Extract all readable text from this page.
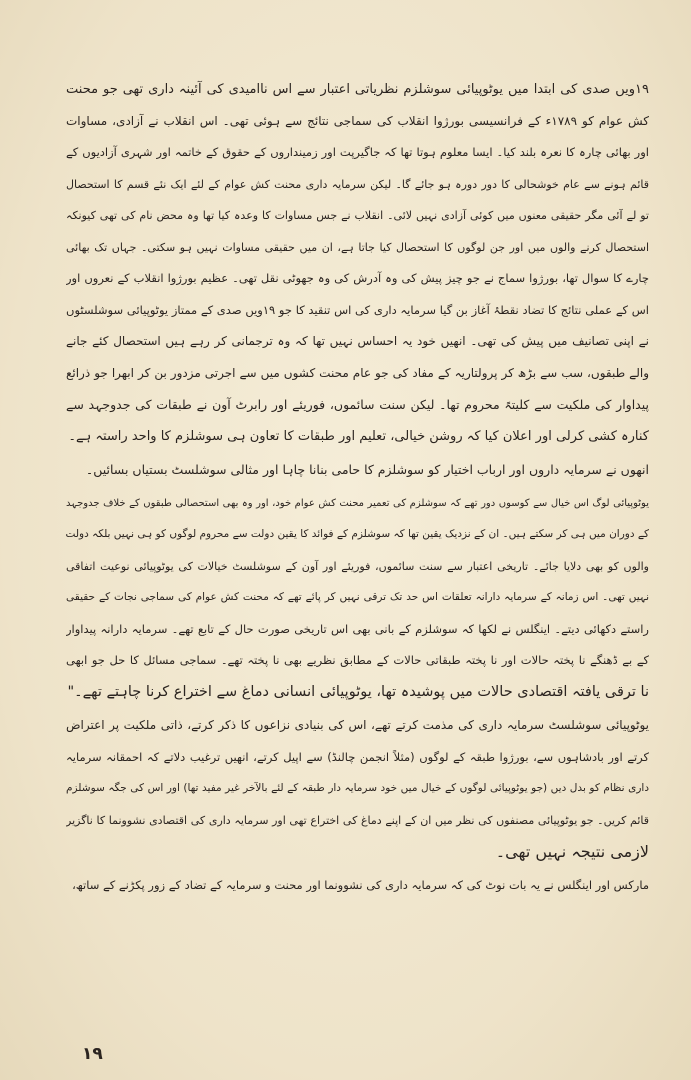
۱۹ویں صدی کی ابتدا میں یوٹوپیائی سوشلزم نظریاتی اعتبار سے اس ناامیدی کی آئینہ داری تھی جو محنت
کش عوام کو ۱۷۸۹ء کے فرانسیسی بورژوا انقلاب کی سماجی نتائج سے ہوئی تھی۔ اس انقلاب نے آزادی، مساوات
اور بھائی چارہ کا نعرہ بلند کیا۔ ایسا معلوم ہوتا تھا کہ جاگیرپت اور زمینداروں کے حقوق کے خاتمہ اور شہری آزادیوں کے
قائم ہونے سے عام خوشحالی کا دور دورہ ہو جائے گا۔ لیکن سرمایہ داری محنت کش عوام کے لئے ایک نئے قسم کا استحصال
تو لے آئی مگر حقیقی معنوں میں کوئی آزادی نہیں لائی۔ انقلاب نے جس مساوات کا وعدہ کیا تھا وہ محض نام کی تھی کیونکہ
استحصال کرنے والوں میں اور جن لوگوں کا استحصال کیا جاتا ہے، ان میں حقیقی مساوات نہیں ہو سکتی۔ جہاں تک بھائی
چارے کا سوال تھا، بورژوا سماج نے جو چیز پیش کی وہ آدرش کی وہ جھوٹی نقل تھی۔ عظیم بورژوا انقلاب کے نعروں اور
اس کے عملی نتائج کا تضاد نقطۂ آغاز بن گیا سرمایہ داری کی اس تنقید کا جو ۱۹ویں صدی کے ممتاز یوٹوپیائی سوشلسٹوں
نے اپنی تصانیف میں پیش کی تھی۔ انھیں خود یہ احساس نہیں تھا کہ وہ ترجمانی کر رہے ہیں استحصال کئے جانے
والے طبقوں، سب سے بڑھ کر پرولتاریہ کے مفاد کی جو عام محنت کشوں میں سے اجرتی مزدور بن کر ابھرا جو ذرائع
پیداوار کی ملکیت سے کلیتہً محروم تھا۔ لیکن سنت سائموں، فوریئے اور رابرٹ آون نے طبقات کی جدوجہد سے
کنارہ کشی کرلی اور اعلان کیا کہ روشن خیالی، تعلیم اور طبقات کا تعاون ہی سوشلزم کا واحد راستہ ہے۔
انھوں نے سرمایہ داروں اور ارباب اختیار کو سوشلزم کا حامی بنانا چاہا اور مثالی سوشلسٹ بستیاں بسائیں۔
یوٹوپیائی لوگ اس خیال سے کوسوں دور تھے کہ سوشلزم کی تعمیر محنت کش عوام خود، اور وہ بھی استحصالی طبقوں کے خلاف جدوجہد
کے دوران میں ہی کر سکتے ہیں۔ ان کے نزدیک یقین تھا کہ سوشلزم کے فوائد کا یقین دولت سے محروم لوگوں کو ہی نہیں بلکہ دولت
والوں کو بھی دلایا جائے۔ تاریخی اعتبار سے سنت سائموں، فوریئے اور آون کے سوشلسٹ خیالات کی یوٹوپیائی نوعیت اتفاقی
نہیں تھی۔ اس زمانہ کے سرمایہ دارانہ تعلقات اس حد تک ترقی نہیں کر پائے تھے کہ محنت کش عوام کی سماجی نجات کے حقیقی
راستے دکھائی دیتے۔ اینگلس نے لکھا کہ سوشلزم کے بانی بھی اس تاریخی صورت حال کے تابع تھے۔ سرمایہ دارانہ پیداوار
کے بے ڈھنگے نا پختہ حالات اور نا پختہ طبقاتی حالات کے مطابق نظریے بھی نا پختہ تھے۔ سماجی مسائل کا حل جو ابھی
نا ترقی یافتہ اقتصادی حالات میں پوشیدہ تھا، یوٹوپیائی انسانی دماغ سے اختراع کرنا چاہتے تھے۔"
یوٹوپیائی سوشلسٹ سرمایہ داری کی مذمت کرتے تھے، اس کی بنیادی نزاعوں کا ذکر کرتے، ذاتی ملکیت پر اعتراض
کرتے اور بادشاہوں سے، بورژوا طبقہ کے لوگوں (مثلاً انجمن چالنڈ) سے اپیل کرتے، انھیں ترغیب دلاتے کہ احمقانہ سرمایہ
داری نظام کو بدل دیں (جو یوٹوپیائی لوگوں کے خیال میں خود سرمایہ دار طبقہ کے لئے بالآخر غیر مفید تھا) اور اس کی جگہ سوشلزم
قائم کریں۔ جو یوٹوپیائی مصنفوں کی نظر میں ان کے اپنے دماغ کی اختراع تھی اور سرمایہ داری کی اقتصادی نشوونما کا ناگزیر
لازمی نتیجہ نہیں تھی۔
مارکس اور اینگلس نے یہ بات نوٹ کی کہ سرمایہ داری کی نشوونما اور محنت و سرمایہ کے تضاد کے زور پکڑنے کے ساتھ،
۱۹
